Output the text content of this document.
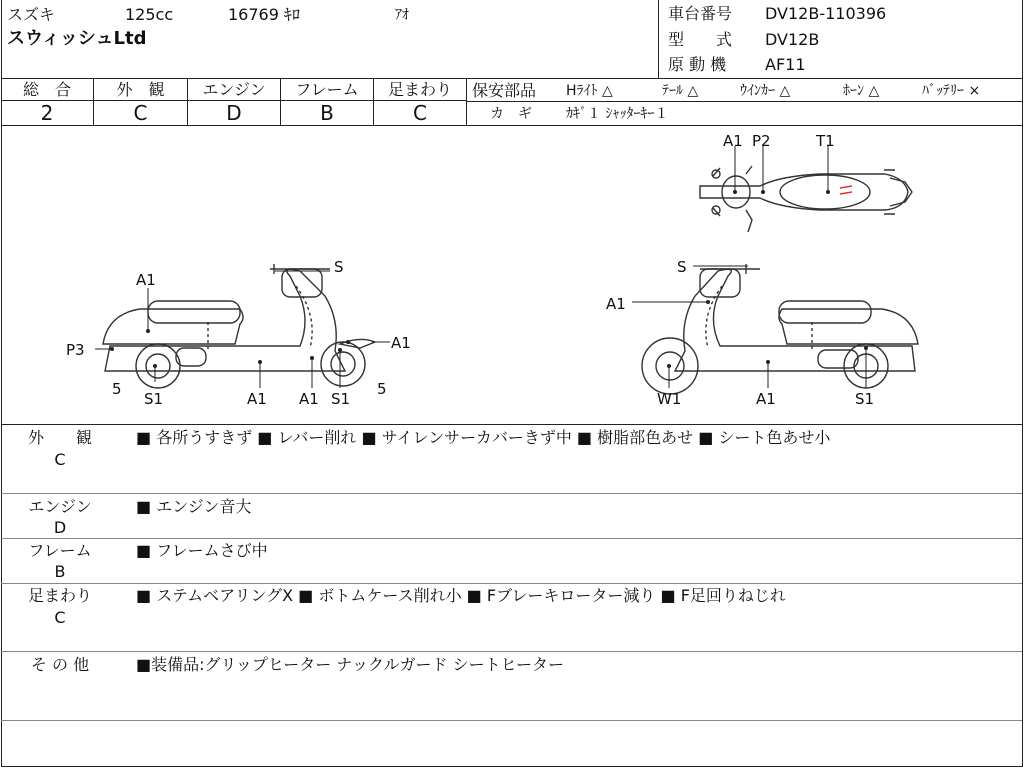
スズキ	125cc	16769 ｷﾛ	ｱｵ
スウィッシュLtd
車台番号 DV12B-110396
型　　式 DV12B
原 動 機 AF11
総　合
2
外　観
C
エンジン
D
フレーム
B
足まわり
C
保安部品 Hﾗｲﾄ △	ﾃｰﾙ △	ｳｲﾝｶｰ △	ﾎｰﾝ △	ﾊﾞｯﾃﾘｰ ×
カ　ギ ｶｷﾞ１ ｼｬｯﾀｰｷｰ１
A1 P2	T1
A1
P3
S
A1
5
S1	A1 A1 S1
5
S
A1
W1	A1	S1
外　　観
C
■ 各所うすきず ■ レバー削れ ■ サイレンサーカバーきず中 ■ 樹脂部色あせ ■ シート色あせ小
エンジン
D
■ エンジン音大
フレーム
B
■ フレームさび中
足まわり
C
■ ステムベアリングX ■ ボトムケース削れ小 ■ Fブレーキローター減り ■ F足回りねじれ
そ の 他	■装備品:グリップヒーター ナックルガード シートヒーター
